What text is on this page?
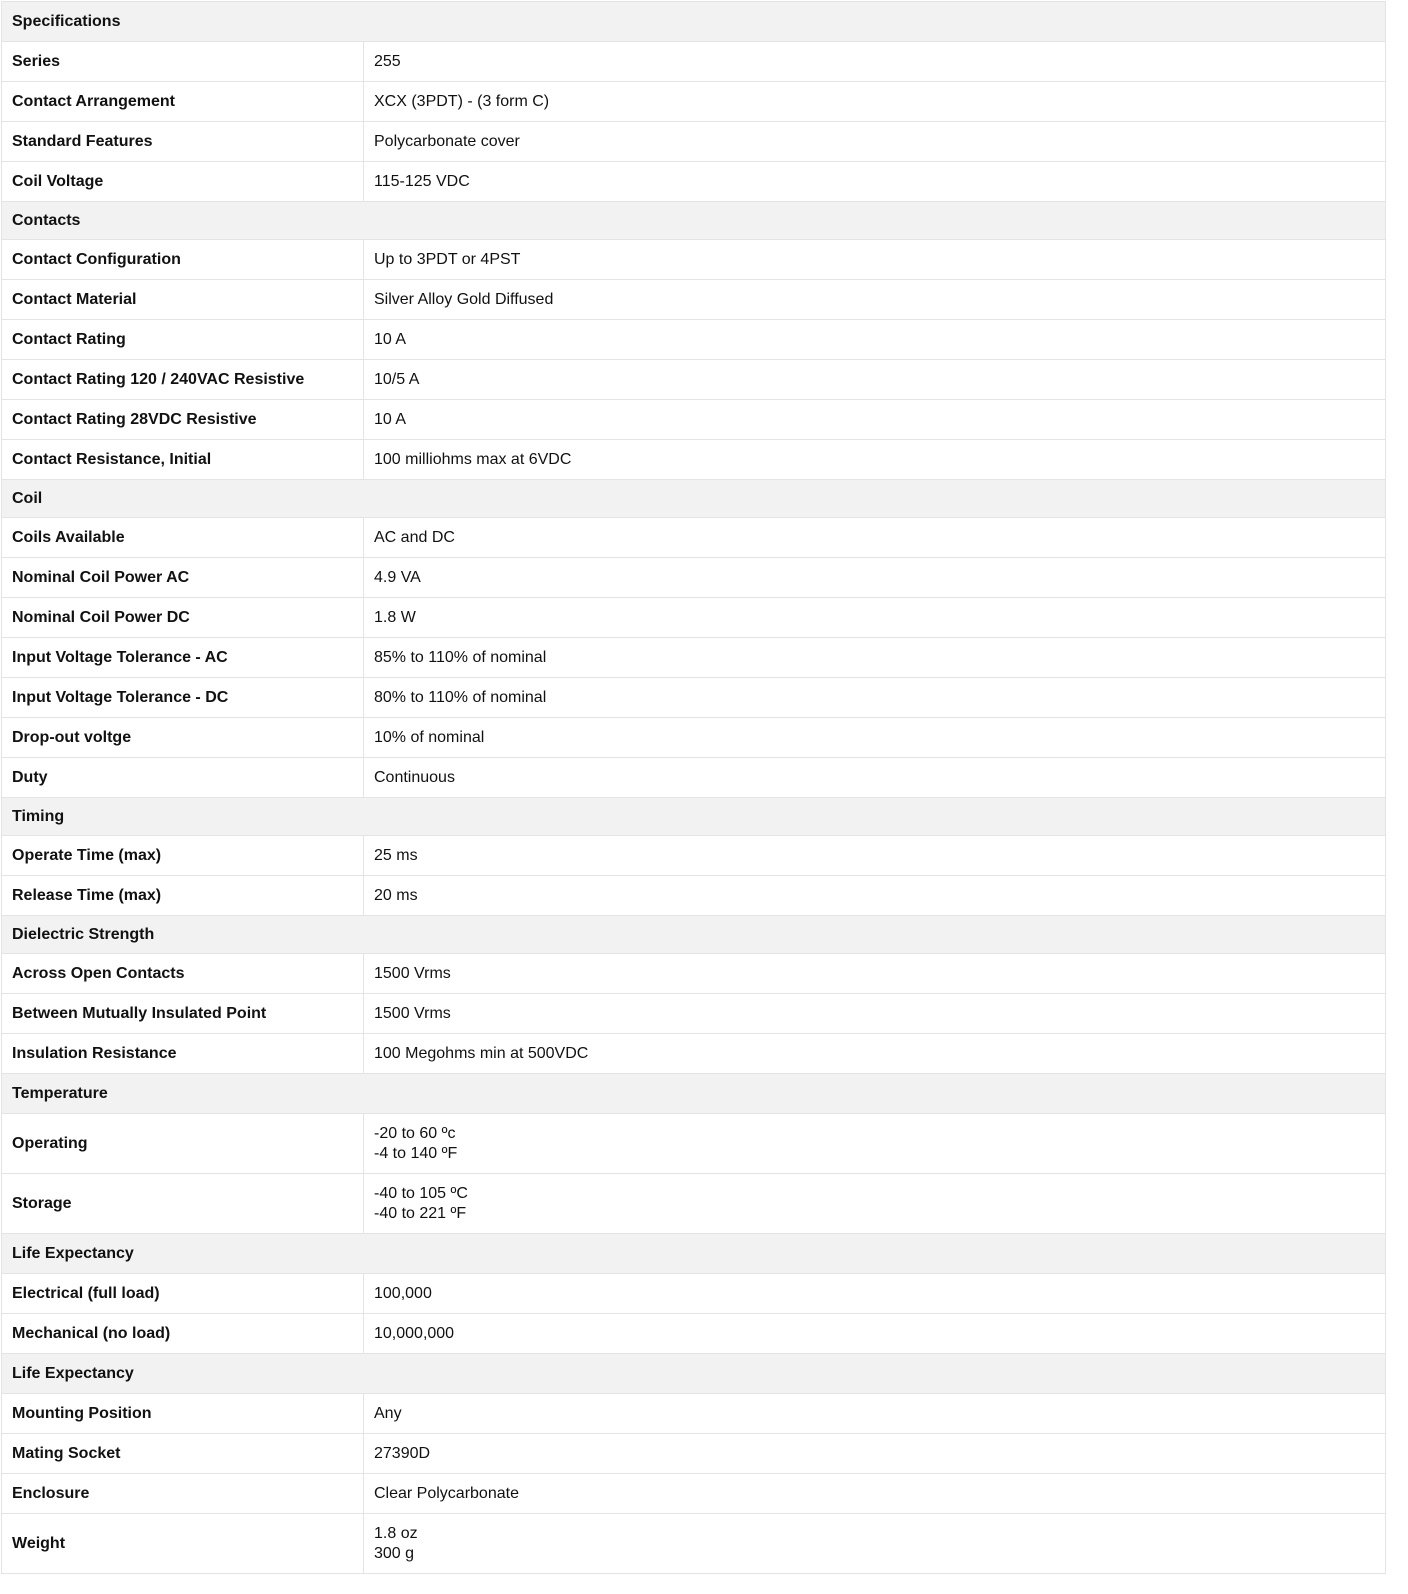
Specifications	
Series	255

Contact Arrangement	XCX (3PDT) - (3 form C)

Standard Features	Polycarbonate cover

Coil Voltage	115-125 VDC

Contacts	
Contact Configuration	Up to 3PDT or 4PST

Contact Material	Silver Alloy Gold Diffused

Contact Rating	10 A

Contact Rating 120 / 240VAC Resistive	10/5 A

Contact Rating 28VDC Resistive	10 A

Contact Resistance, Initial	100 milliohms max at 6VDC

Coil	
Coils Available	AC and DC

Nominal Coil Power AC	4.9 VA

Nominal Coil Power DC	1.8 W

Input Voltage Tolerance - AC	85% to 110% of nominal

Input Voltage Tolerance - DC	80% to 110% of nominal

Drop-out voltge	10% of nominal

Duty	Continuous

Timing	
Operate Time (max)	25 ms

Release Time (max)	20 ms

Dielectric Strength	
Across Open Contacts	1500 Vrms

Between Mutually Insulated Point	1500 Vrms

Insulation Resistance	100 Megohms min at 500VDC

Temperature	
Operating	-20 to 60 ºc
-4 to 140 ºF

Storage	-40 to 105 ºC
-40 to 221 ºF

Life Expectancy	
Electrical (full load)	100,000

Mechanical (no load)	10,000,000

Life Expectancy	
Mounting Position	Any

Mating Socket	27390D

Enclosure	Clear Polycarbonate

Weight	1.8 oz
300 g
